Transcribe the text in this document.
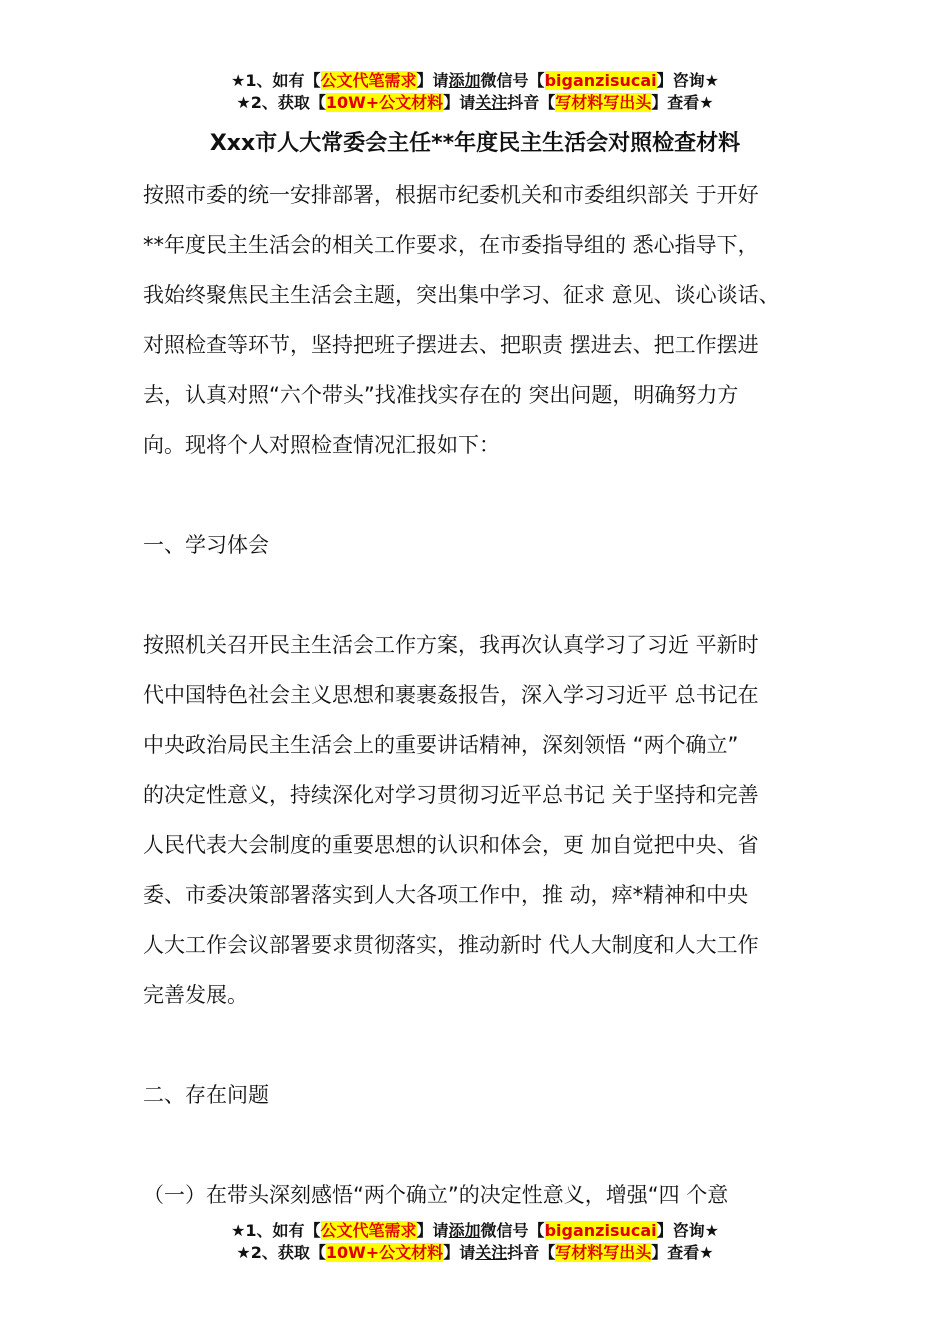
★1、如有【公文代笔需求】请添加微信号【biganzisucai】咨询★
★2、获取【10W+公文材料】请关注抖音【写材料写出头】查看★
Xxx市人大常委会主任**年度民主生活会对照检查材料
按照市委的统一安排部署，根据市纪委机关和市委组织部关 于开好
**年度民主生活会的相关工作要求，在市委指导组的 悉心指导下，
我始终聚焦民主生活会主题，突出集中学习、征求 意见、谈心谈话、
对照检查等环节，坚持把班子摆进去、把职责 摆进去、把工作摆进
去，认真对照“六个带头”找准找实存在的 突出问题，明确努力方
向。现将个人对照检查情况汇报如下：
一、学习体会
按照机关召开民主生活会工作方案，我再次认真学习了习近 平新时
代中国特色社会主义思想和裹裹姦报告，深入学习习近平 总书记在
中央政治局民主生活会上的重要讲话精神，深刻领悟 “两个确立”
的决定性意义，持续深化对学习贯彻习近平总书记 关于坚持和完善
人民代表大会制度的重要思想的认识和体会，更 加自觉把中央、省
委、市委决策部署落实到人大各项工作中，推 动，瘁*精神和中央
人大工作会议部署要求贯彻落实，推动新时 代人大制度和人大工作
完善发展。
二、存在问题
（一）在带头深刻感悟“两个确立”的决定性意义，增强“四 个意
★1、如有【公文代笔需求】请添加微信号【biganzisucai】咨询★
★2、获取【10W+公文材料】请关注抖音【写材料写出头】查看★
